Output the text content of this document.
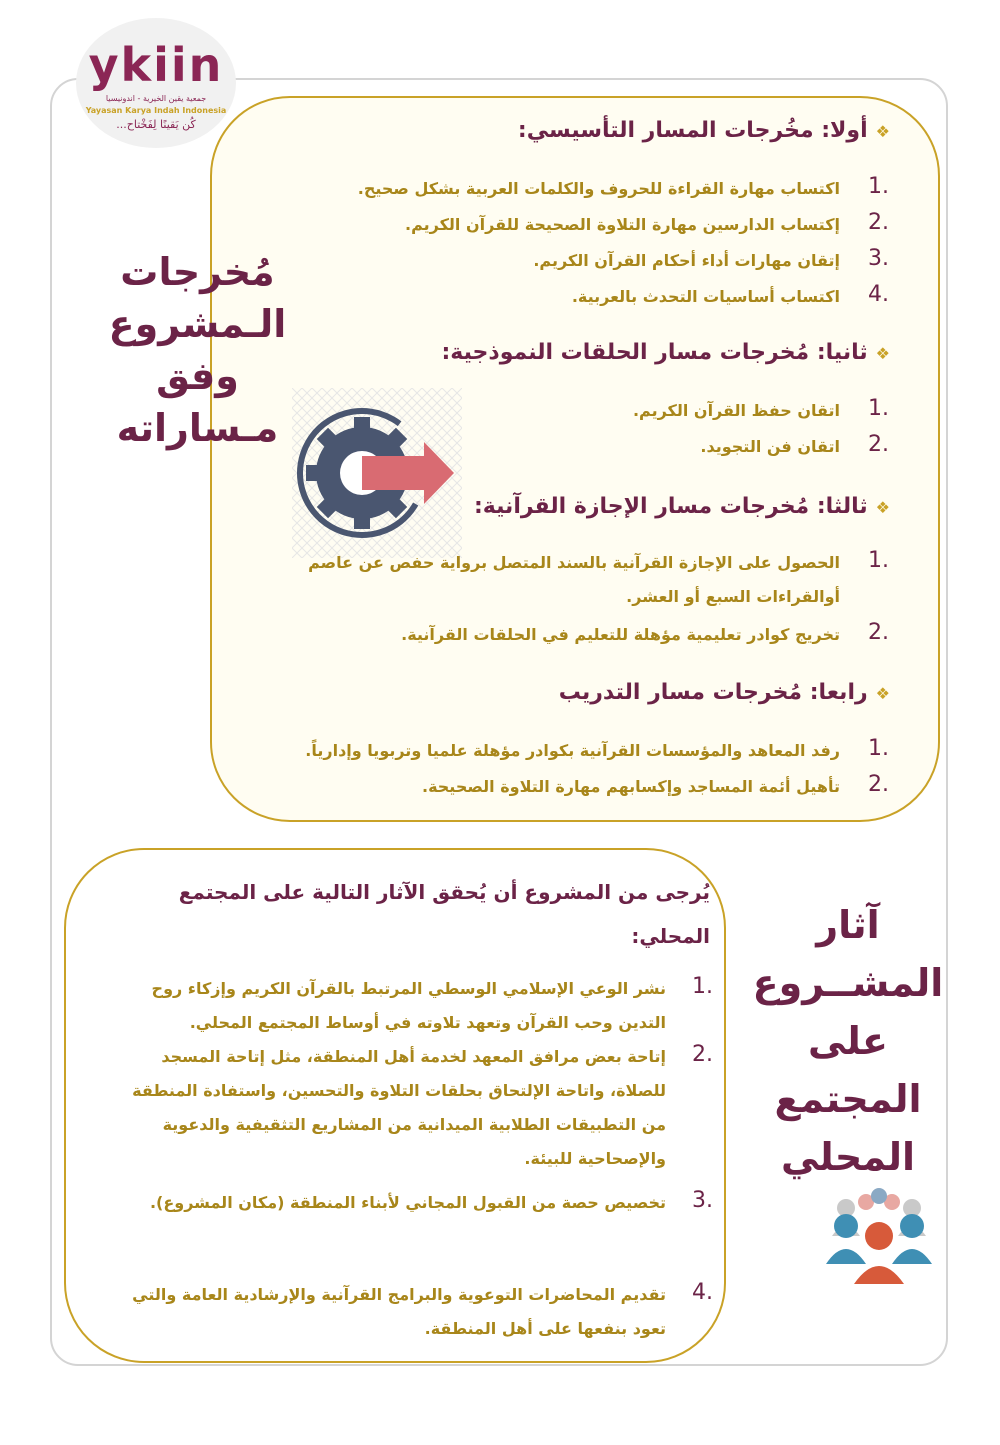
ykiin
جمعية يقين الخيرية - اندونيسيا
Yayasan Karya Indah Indonesia
كُن يَقينًا لِفَخْتاح...
مُخرجات الـمشروع وفق مـساراته
❖أولا: مخُرجات المسار التأسيسي:
1.
اكتساب مهارة القراءة للحروف والكلمات العربية بشكل صحيح.
2.
إكتساب الدارسين مهارة التلاوة الصحيحة للقرآن الكريم.
3.
إتقان مهارات أداء أحكام القرآن الكريم.
4.
اكتساب أساسيات التحدث بالعربية.
❖ثانيا: مُخرجات مسار الحلقات النموذجية:
1.
اتقان حفظ القرآن الكريم.
2.
اتقان فن التجويد.
❖ثالثا: مُخرجات مسار الإجازة القرآنية:
1.
الحصول على الإجازة القرآنية بالسند المتصل برواية حفص عن عاصم أوالقراءات السبع أو العشر.
2.
تخريج كوادر تعليمية مؤهلة للتعليم في الحلقات القرآنية.
❖رابعا: مُخرجات مسار التدريب
1.
رفد المعاهد والمؤسسات القرآنية بكوادر مؤهلة علميا وتربويا وإدارياً.
2.
تأهيل أئمة المساجد وإكسابهم مهارة التلاوة الصحيحة.
يُرجى من المشروع أن يُحقق الآثار التالية على المجتمع المحلي:
1.
نشر الوعي الإسلامي الوسطي المرتبط بالقرآن الكريم وإزكاء روح التدين وحب القرآن وتعهد تلاوته في أوساط المجتمع المحلي.
2.
إتاحة بعض مرافق المعهد لخدمة أهل المنطقة، مثل إتاحة المسجد للصلاة، واتاحة الإلتحاق بحلقات التلاوة والتحسين، واستفادة المنطقة من التطبيقات الطلابية الميدانية من المشاريع التثقيفية والدعوية والإصحاحية للبيئة.
3.
تخصيص حصة من القبول المجاني لأبناء المنطقة (مكان المشروع).
4.
تقديم المحاضرات التوعوية والبرامج القرآنية والإرشادية العامة والتي تعود بنفعها على أهل المنطقة.
آثار المشــروع على المجتمع المحلي
